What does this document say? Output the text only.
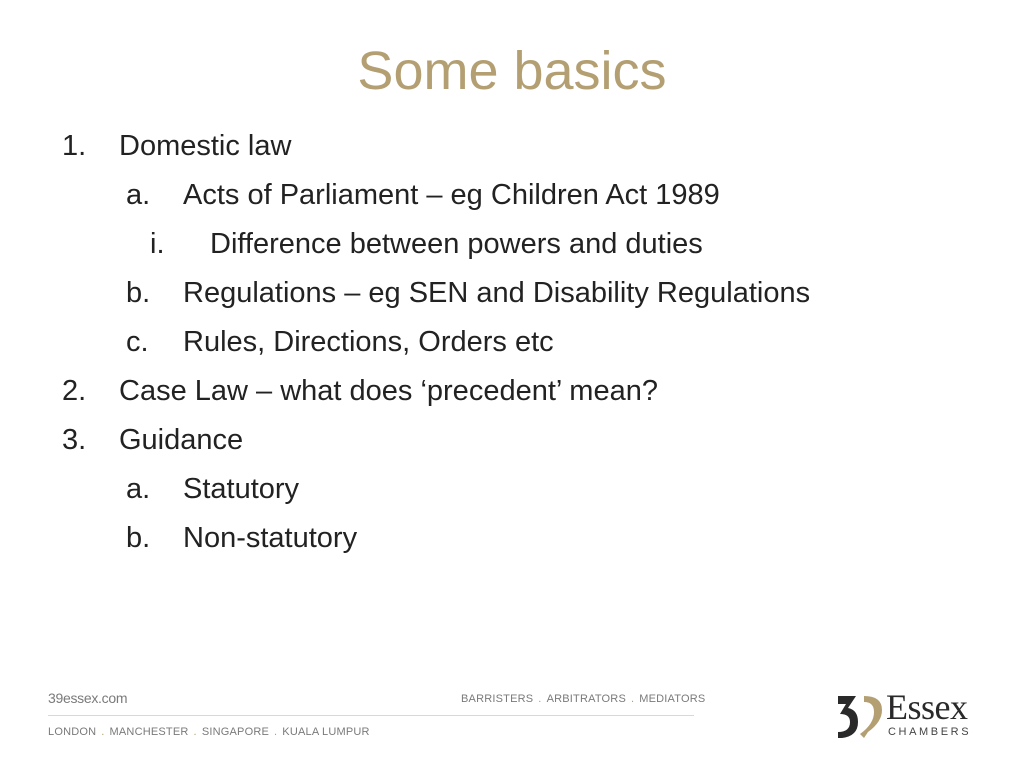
Some basics
1. Domestic law
a. Acts of Parliament – eg Children Act 1989
i. Difference between powers and duties
b. Regulations – eg SEN and Disability Regulations
c. Rules, Directions, Orders etc
2. Case Law – what does ‘precedent’ mean?
3. Guidance
a. Statutory
b. Non-statutory
39essex.com	BARRISTERS . ARBITRATORS . MEDIATORS
LONDON . MANCHESTER . SINGAPORE . KUALA LUMPUR
Essex
CHAMBERS
